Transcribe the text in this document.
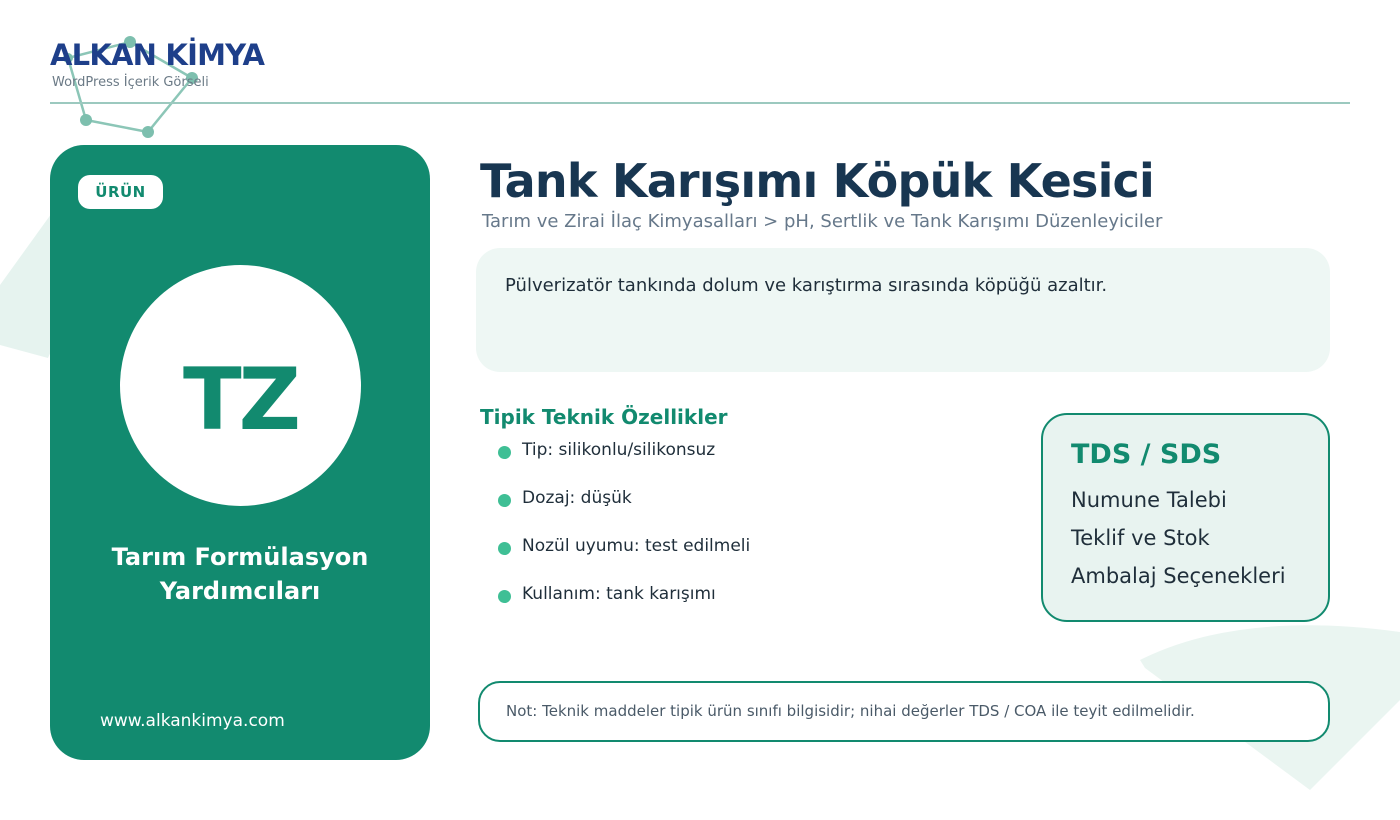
ALKAN KİMYA
WordPress İçerik Görseli
ÜRÜN
TZ
Tarım Formülasyon
Yardımcıları
www.alkankimya.com
Tank Karışımı Köpük Kesici
Tarım ve Zirai İlaç Kimyasalları > pH, Sertlik ve Tank Karışımı Düzenleyiciler
Pülverizatör tankında dolum ve karıştırma sırasında köpüğü azaltır.
Tipik Teknik Özellikler
Tip: silikonlu/silikonsuz
Dozaj: düşük
Nozül uyumu: test edilmeli
Kullanım: tank karışımı
TDS / SDS
Numune Talebi
Teklif ve Stok
Ambalaj Seçenekleri
Not: Teknik maddeler tipik ürün sınıfı bilgisidir; nihai değerler TDS / COA ile teyit edilmelidir.
